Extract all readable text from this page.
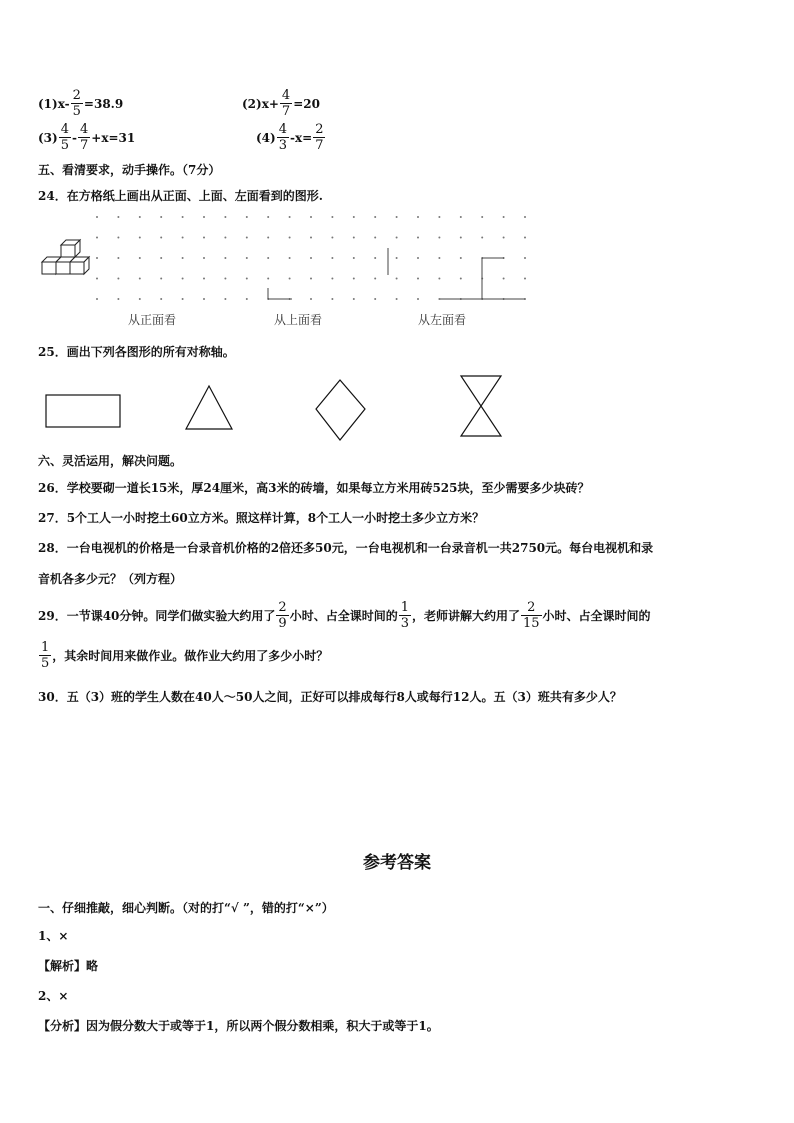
$(1)x- \frac{2}{5} =38.9$	$(2)x+ \frac{4}{7} =20$
$(3) \frac{4}{5} - \frac{4}{7} +x=31$	$(4) \frac{4}{3} -x= \frac{2}{7}$
五、看清要求，动手操作。（7分）
24．在方格纸上画出从正面、上面、左面看到的图形.
从正面看	从上面看	从左面看
25．画出下列各图形的所有对称轴。
六、灵活运用，解决问题。
26．学校要砌一道长15米，厚24厘米，高3米的砖墙，如果每立方米用砖525块，至少需要多少块砖？
27．5个工人一小时挖土60立方米。照这样计算，8个工人一小时挖土多少立方米？
28．一台电视机的价格是一台录音机价格的2倍还多50元，一台电视机和一台录音机一共2750元。每台电视机和录
音机各多少元？（列方程）
29．一节课40分钟。同学们做实验大约用了 $\frac{2}{9}$ 小时、占全课时间的 $\frac{1}{3}$ ，老师讲解大约用了 $\frac{2}{15}$ 小时、占全课时间的
$\frac{1}{5}$ ，其余时间用来做作业。做作业大约用了多少小时？
30．五（3）班的学生人数在40人～50人之间，正好可以排成每行8人或每行12人。五（3）班共有多少人？
参考答案
一、仔细推敲，细心判断。（对的打“√ ”，错的打“×”）
1、×
【解析】略
2、×
【分析】因为假分数大于或等于1，所以两个假分数相乘，积大于或等于1。
